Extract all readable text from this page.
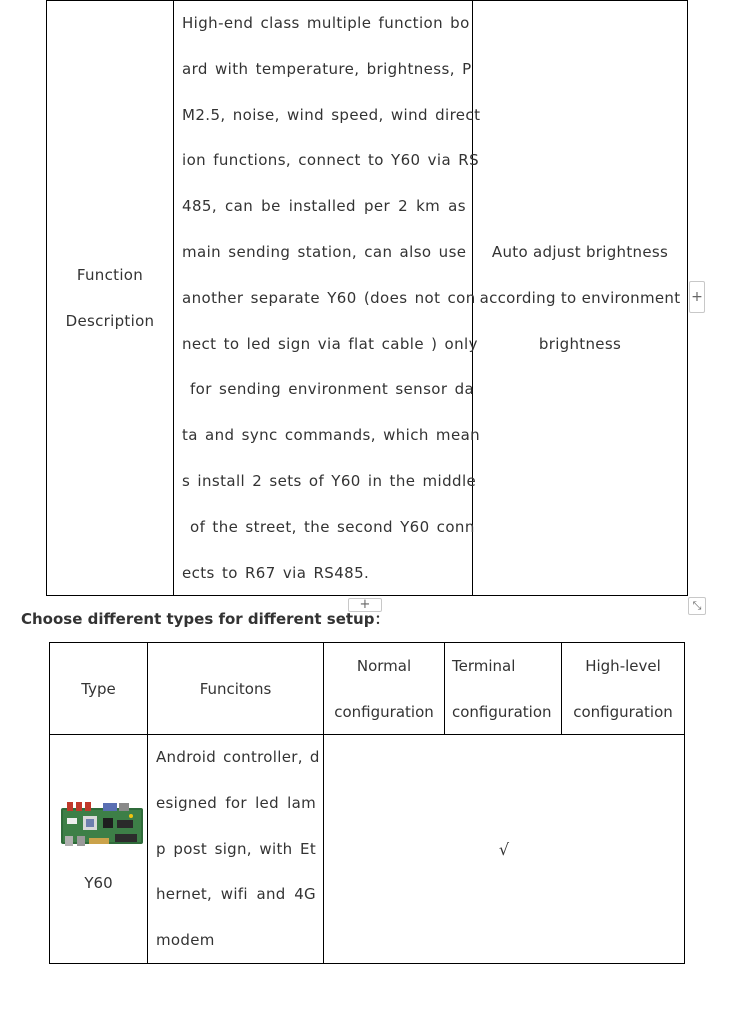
Function
Description
High-end class multiple function bo
ard with temperature, brightness, P
M2.5, noise, wind speed, wind direct
ion functions, connect to Y60 via RS
485, can be installed per 2 km as
main sending station, can also use
another separate Y60 (does not con
nect to led sign via flat cable ) only
for sending environment sensor da
ta and sync commands, which mean
s install 2 sets of Y60 in the middle
of the street, the second Y60 conn
ects to R67 via RS485.
Auto adjust brightness
according to environment
brightness
+
+	⤡
Choose different types for different setup：
Type	Funcitons
Normal
configuration
Terminal
configuration
High-level
configuration
Y60
Android controller, d
esigned for led lam
p post sign, with Et
hernet, wifi and 4G
modem
√
